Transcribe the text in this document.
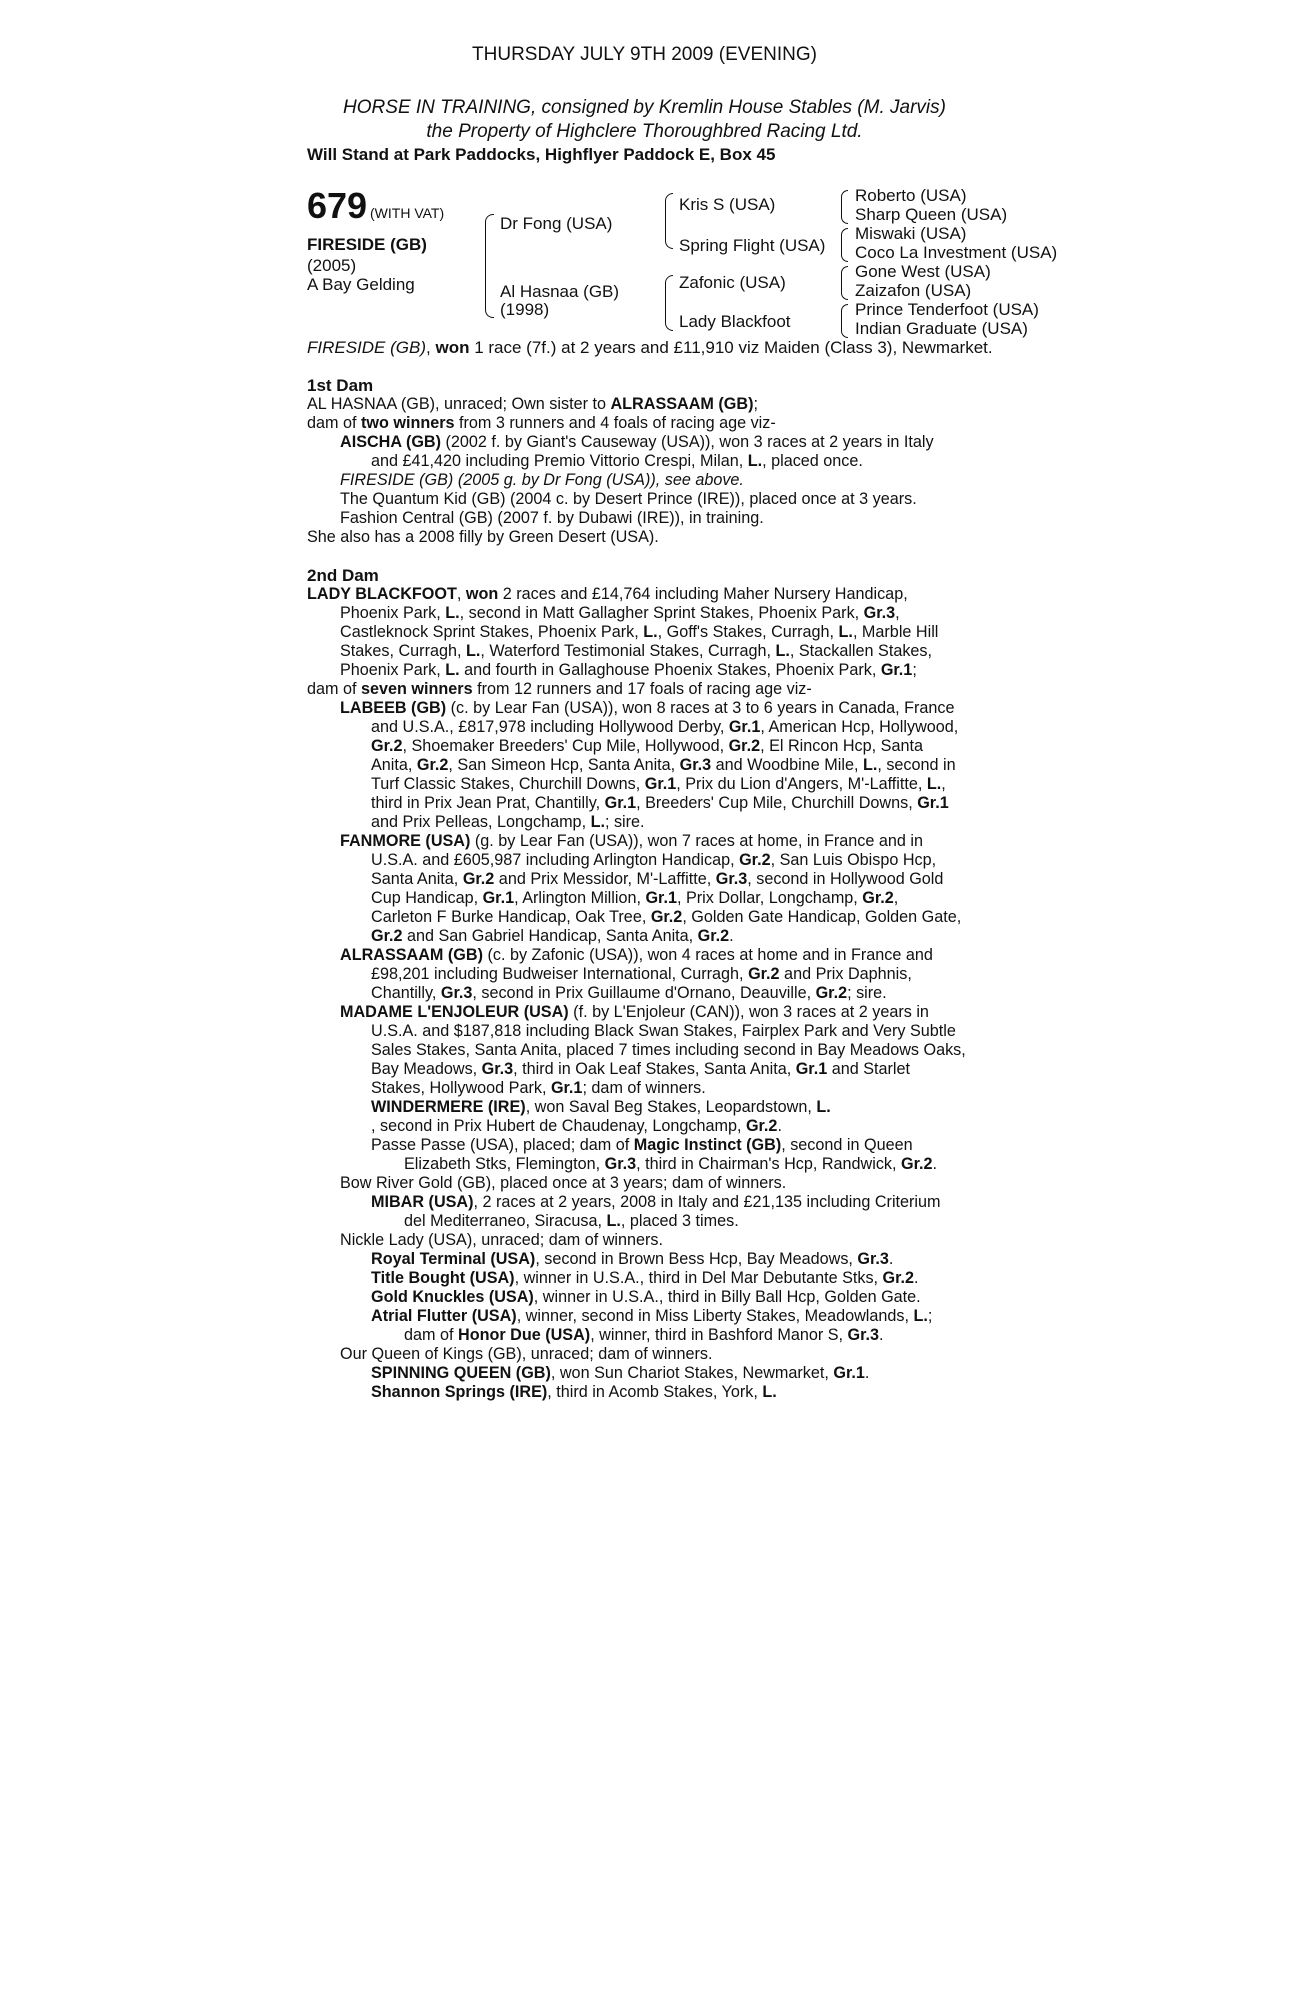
THURSDAY JULY 9TH 2009 (EVENING)
HORSE IN TRAINING, consigned by Kremlin House Stables (M. Jarvis)
the Property of Highclere Thoroughbred Racing Ltd.
Will Stand at Park Paddocks, Highflyer Paddock E, Box 45
679 (WITH VAT)
FIRESIDE (GB)
(2005)
A Bay Gelding
Dr Fong (USA)
Al Hasnaa (GB)
(1998)
Kris S (USA)
Spring Flight (USA)
Zafonic (USA)
Lady Blackfoot
Roberto (USA)
Sharp Queen (USA)
Miswaki (USA)
Coco La Investment (USA)
Gone West (USA)
Zaizafon (USA)
Prince Tenderfoot (USA)
Indian Graduate (USA)
FIRESIDE (GB), won 1 race (7f.) at 2 years and £11,910 viz Maiden (Class 3), Newmarket.
1st Dam
AL HASNAA (GB), unraced; Own sister to ALRASSAAM (GB);
dam of two winners from 3 runners and 4 foals of racing age viz-
AISCHA (GB) (2002 f. by Giant's Causeway (USA)), won 3 races at 2 years in Italy
and £41,420 including Premio Vittorio Crespi, Milan, L., placed once.
FIRESIDE (GB) (2005 g. by Dr Fong (USA)), see above.
The Quantum Kid (GB) (2004 c. by Desert Prince (IRE)), placed once at 3 years.
Fashion Central (GB) (2007 f. by Dubawi (IRE)), in training.
She also has a 2008 filly by Green Desert (USA).
2nd Dam
LADY BLACKFOOT, won 2 races and £14,764 including Maher Nursery Handicap,
Phoenix Park, L., second in Matt Gallagher Sprint Stakes, Phoenix Park, Gr.3,
Castleknock Sprint Stakes, Phoenix Park, L., Goff's Stakes, Curragh, L., Marble Hill
Stakes, Curragh, L., Waterford Testimonial Stakes, Curragh, L., Stackallen Stakes,
Phoenix Park, L. and fourth in Gallaghouse Phoenix Stakes, Phoenix Park, Gr.1;
dam of seven winners from 12 runners and 17 foals of racing age viz-
LABEEB (GB) (c. by Lear Fan (USA)), won 8 races at 3 to 6 years in Canada, France
and U.S.A., £817,978 including Hollywood Derby, Gr.1, American Hcp, Hollywood,
Gr.2, Shoemaker Breeders' Cup Mile, Hollywood, Gr.2, El Rincon Hcp, Santa
Anita, Gr.2, San Simeon Hcp, Santa Anita, Gr.3 and Woodbine Mile, L., second in
Turf Classic Stakes, Churchill Downs, Gr.1, Prix du Lion d'Angers, M'-Laffitte, L.,
third in Prix Jean Prat, Chantilly, Gr.1, Breeders' Cup Mile, Churchill Downs, Gr.1
and Prix Pelleas, Longchamp, L.; sire.
FANMORE (USA) (g. by Lear Fan (USA)), won 7 races at home, in France and in
U.S.A. and £605,987 including Arlington Handicap, Gr.2, San Luis Obispo Hcp,
Santa Anita, Gr.2 and Prix Messidor, M'-Laffitte, Gr.3, second in Hollywood Gold
Cup Handicap, Gr.1, Arlington Million, Gr.1, Prix Dollar, Longchamp, Gr.2,
Carleton F Burke Handicap, Oak Tree, Gr.2, Golden Gate Handicap, Golden Gate,
Gr.2 and San Gabriel Handicap, Santa Anita, Gr.2.
ALRASSAAM (GB) (c. by Zafonic (USA)), won 4 races at home and in France and
£98,201 including Budweiser International, Curragh, Gr.2 and Prix Daphnis,
Chantilly, Gr.3, second in Prix Guillaume d'Ornano, Deauville, Gr.2; sire.
MADAME L'ENJOLEUR (USA) (f. by L'Enjoleur (CAN)), won 3 races at 2 years in
U.S.A. and $187,818 including Black Swan Stakes, Fairplex Park and Very Subtle
Sales Stakes, Santa Anita, placed 7 times including second in Bay Meadows Oaks,
Bay Meadows, Gr.3, third in Oak Leaf Stakes, Santa Anita, Gr.1 and Starlet
Stakes, Hollywood Park, Gr.1; dam of winners.
WINDERMERE (IRE), won Saval Beg Stakes, Leopardstown, L.
, second in Prix Hubert de Chaudenay, Longchamp, Gr.2.
Passe Passe (USA), placed; dam of Magic Instinct (GB), second in Queen
Elizabeth Stks, Flemington, Gr.3, third in Chairman's Hcp, Randwick, Gr.2.
Bow River Gold (GB), placed once at 3 years; dam of winners.
MIBAR (USA), 2 races at 2 years, 2008 in Italy and £21,135 including Criterium
del Mediterraneo, Siracusa, L., placed 3 times.
Nickle Lady (USA), unraced; dam of winners.
Royal Terminal (USA), second in Brown Bess Hcp, Bay Meadows, Gr.3.
Title Bought (USA), winner in U.S.A., third in Del Mar Debutante Stks, Gr.2.
Gold Knuckles (USA), winner in U.S.A., third in Billy Ball Hcp, Golden Gate.
Atrial Flutter (USA), winner, second in Miss Liberty Stakes, Meadowlands, L.;
dam of Honor Due (USA), winner, third in Bashford Manor S, Gr.3.
Our Queen of Kings (GB), unraced; dam of winners.
SPINNING QUEEN (GB), won Sun Chariot Stakes, Newmarket, Gr.1.
Shannon Springs (IRE), third in Acomb Stakes, York, L.
